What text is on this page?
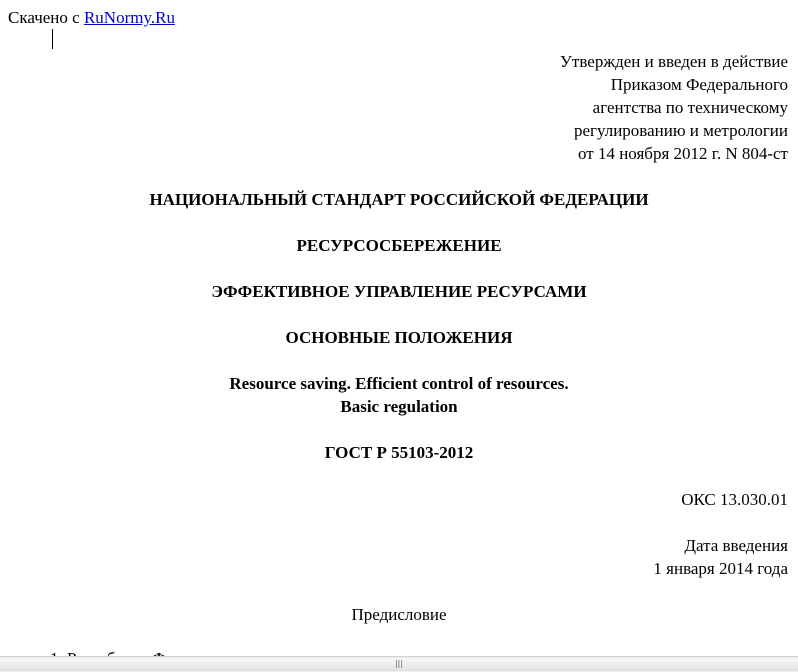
Скачено с RuNormy.Ru
Утвержден и введен в действие
Приказом Федерального
агентства по техническому
регулированию и метрологии
от 14 ноября 2012 г. N 804-ст
НАЦИОНАЛЬНЫЙ СТАНДАРТ РОССИЙСКОЙ ФЕДЕРАЦИИ
РЕСУРСОСБЕРЕЖЕНИЕ
ЭФФЕКТИВНОЕ УПРАВЛЕНИЕ РЕСУРСАМИ
ОСНОВНЫЕ ПОЛОЖЕНИЯ
Resource saving. Efficient control of resources.
Basic regulation
ГОСТ Р 55103-2012
ОКС 13.030.01
Дата введения
1 января 2014 года
Предисловие
|||
